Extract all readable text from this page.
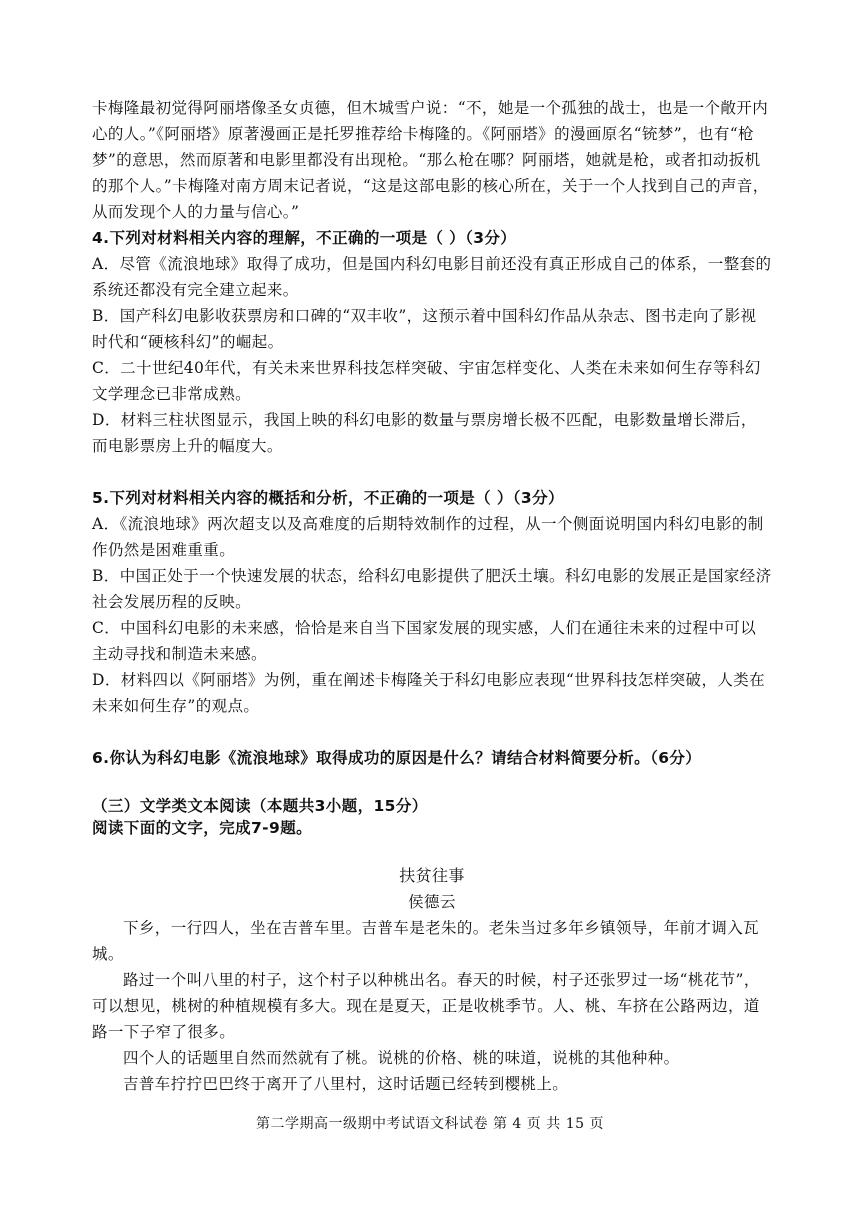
卡梅隆最初觉得阿丽塔像圣女贞德，但木城雪户说：“不，她是一个孤独的战士，也是一个敞开内心的人。”《阿丽塔》原著漫画正是托罗推荐给卡梅隆的。《阿丽塔》的漫画原名“铳梦”，也有“枪梦”的意思，然而原著和电影里都没有出现枪。“那么枪在哪？阿丽塔，她就是枪，或者扣动扳机的那个人。”卡梅隆对南方周末记者说，“这是这部电影的核心所在，关于一个人找到自己的声音，从而发现个人的力量与信心。”

4.下列对材料相关内容的理解，不正确的一项是（ ）（3分）

A．尽管《流浪地球》取得了成功，但是国内科幻电影目前还没有真正形成自己的体系，一整套的系统还都没有完全建立起来。

B．国产科幻电影收获票房和口碑的“双丰收”，这预示着中国科幻作品从杂志、图书走向了影视时代和“硬核科幻”的崛起。

C．二十世纪40年代，有关未来世界科技怎样突破、宇宙怎样变化、人类在未来如何生存等科幻文学理念已非常成熟。

D．材料三柱状图显示，我国上映的科幻电影的数量与票房增长极不匹配，电影数量增长滞后，而电影票房上升的幅度大。

5.下列对材料相关内容的概括和分析，不正确的一项是（ ）（3分）

A．《流浪地球》两次超支以及高难度的后期特效制作的过程，从一个侧面说明国内科幻电影的制作仍然是困难重重。

B．中国正处于一个快速发展的状态，给科幻电影提供了肥沃土壤。科幻电影的发展正是国家经济社会发展历程的反映。

C．中国科幻电影的未来感，恰恰是来自当下国家发展的现实感，人们在通往未来的过程中可以主动寻找和制造未来感。

D．材料四以《阿丽塔》为例，重在阐述卡梅隆关于科幻电影应表现“世界科技怎样突破，人类在未来如何生存”的观点。

6.你认为科幻电影《流浪地球》取得成功的原因是什么？请结合材料简要分析。（6分）

（三）文学类文本阅读（本题共3小题，15分）

阅读下面的文字，完成7-9题。

扶贫往事

侯德云

下乡，一行四人，坐在吉普车里。吉普车是老朱的。老朱当过多年乡镇领导，年前才调入瓦城。

路过一个叫八里的村子，这个村子以种桃出名。春天的时候，村子还张罗过一场“桃花节”，可以想见，桃树的种植规模有多大。现在是夏天，正是收桃季节。人、桃、车挤在公路两边，道路一下子窄了很多。

四个人的话题里自然而然就有了桃。说桃的价格、桃的味道，说桃的其他种种。

吉普车拧拧巴巴终于离开了八里村，这时话题已经转到樱桃上。

第二学期高一级期中考试语文科试卷 第 4 页 共 15 页
